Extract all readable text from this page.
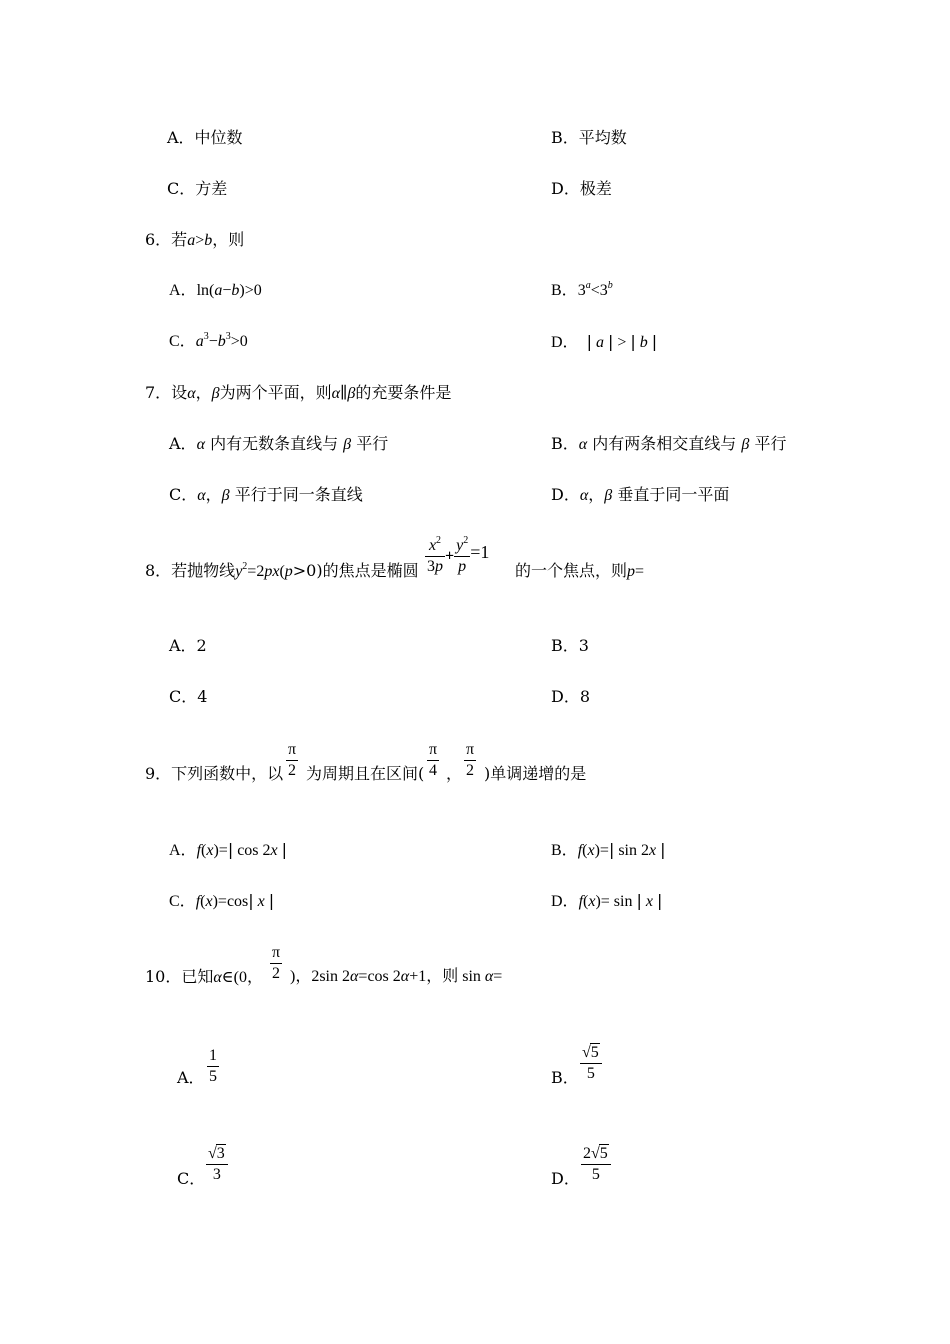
A．中位数	B．平均数
C．方差	D．极差
6．若a>b，则
A．ln(a−b)>0	B．$3^a<3^b$
C．$a^3-b^3>0$	D． | a | > | b |
7．设α，β为两个平面，则α∥β的充要条件是
A．α 内有无数条直线与 β 平行	B．α 内有两条相交直线与 β 平行
C．α，β 平行于同一条直线	D．α，β 垂直于同一平面
8．若抛物线$y^2=2px(p>0)$的焦点是椭圆 $\frac{x^2}{3p} + \frac{y^2}{p} =1$
的一个焦点，则p=
A．2	B．3
C．4	D．8
9．下列函数中，以 $\frac{\pi}{2}$ 为周期且在区间( $\frac{\pi}{4}$ ， $\frac{\pi}{2}$ )单调递增的是
A．f(x)=| cos 2x |	B．f(x)=| sin 2x |
C．f(x)=cos| x |	D．f(x)= sin | x |
10．已知α∈(0， $\frac{\pi}{2}$ )，2sin 2α=cos 2α+1，则 sin α=
A． $\frac{1}{5}$	B． $\frac{√5}{5}$
C． $\frac{√3}{3}$	D． $\frac{2√5}{5}$
